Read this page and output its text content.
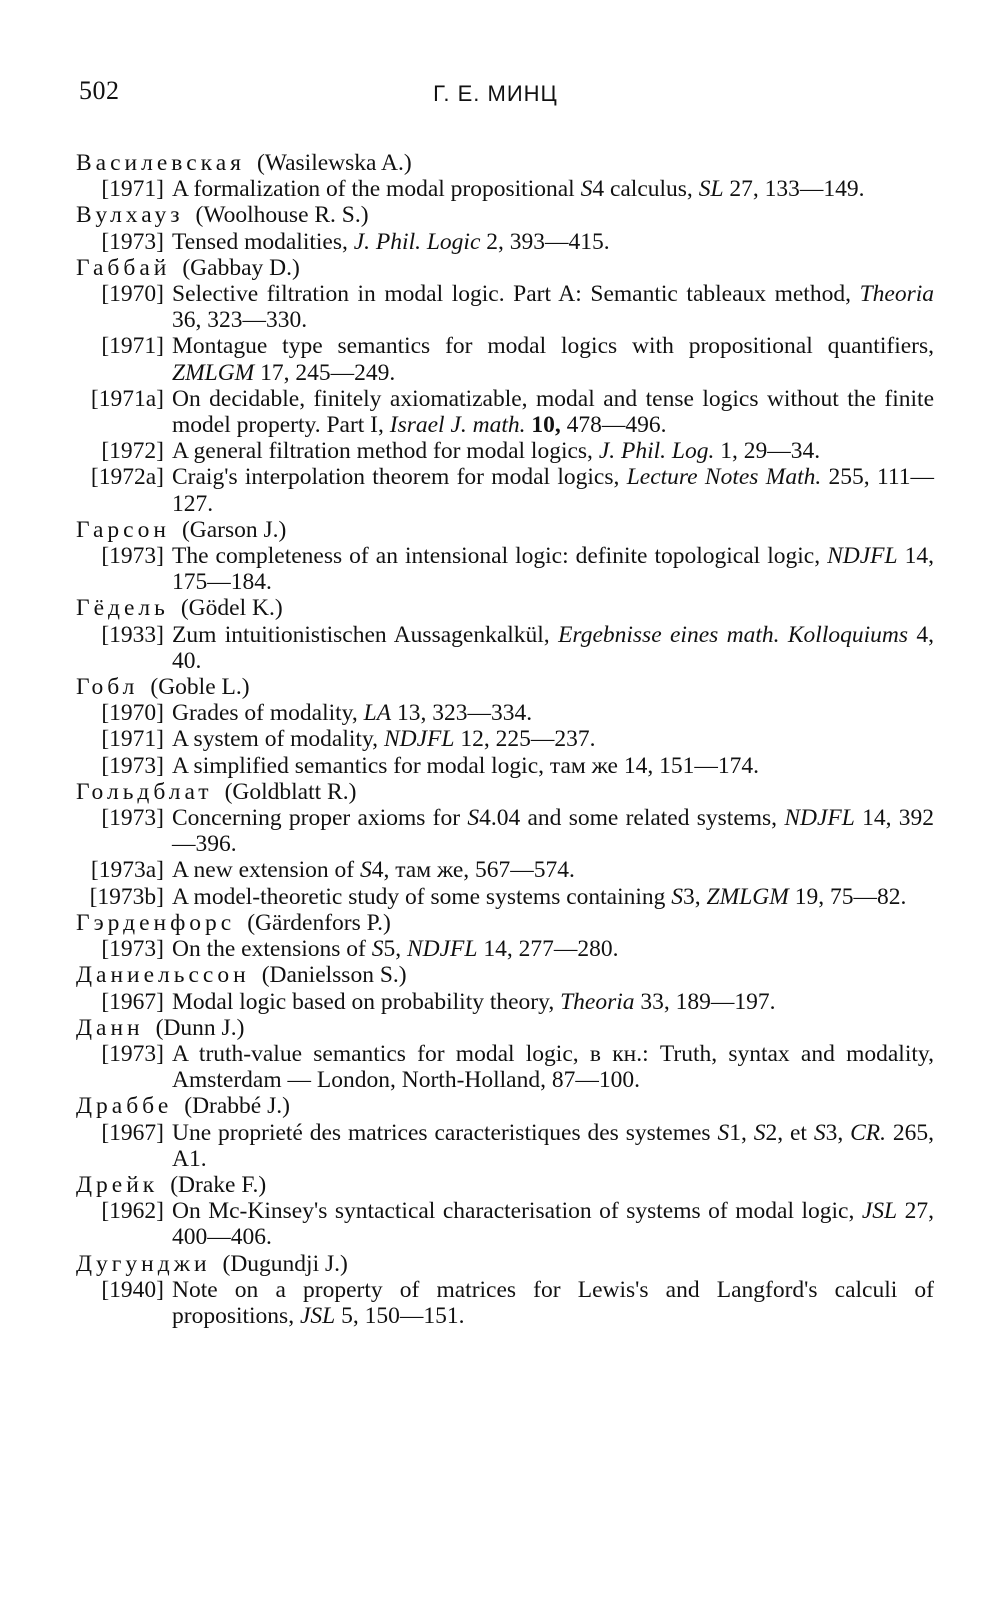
502	Г. Е. МИНЦ
Василевская (Wasilewska A.)
[1971] A formalization of the modal propositional S4 calculus, SL 27, 133—149.
Вулхауз (Woolhouse R. S.)
[1973] Tensed modalities, J. Phil. Logic 2, 393—415.
Габбай (Gabbay D.)
[1970] Selective filtration in modal logic. Part A: Semantic tableaux method, Theoria 36, 323—330.
[1971] Montague type semantics for modal logics with propositional quantifiers, ZMLGM 17, 245—249.
[1971a] On decidable, finitely axiomatizable, modal and tense logics without the finite model property. Part I, Israel J. math. 10, 478—496.
[1972] A general filtration method for modal logics, J. Phil. Log. 1, 29—34.
[1972a] Craig's interpolation theorem for modal logics, Lecture Notes Math. 255, 111—127.
Гарсон (Garson J.)
[1973] The completeness of an intensional logic: definite topological logic, NDJFL 14, 175—184.
Гёдель (Gödel K.)
[1933] Zum intuitionistischen Aussagenkalkül, Ergebnisse eines math. Kolloquiums 4, 40.
Гобл (Goble L.)
[1970] Grades of modality, LA 13, 323—334.
[1971] A system of modality, NDJFL 12, 225—237.
[1973] A simplified semantics for modal logic, там же 14, 151—174.
Гольдблат (Goldblatt R.)
[1973] Concerning proper axioms for S4.04 and some related systems, NDJFL 14, 392—396.
[1973a] A new extension of S4, там же, 567—574.
[1973b] A model-theoretic study of some systems containing S3, ZMLGM 19, 75—82.
Гэрденфорс (Gärdenfors P.)
[1973] On the extensions of S5, NDJFL 14, 277—280.
Даниельссон (Danielsson S.)
[1967] Modal logic based on probability theory, Theoria 33, 189—197.
Данн (Dunn J.)
[1973] A truth-value semantics for modal logic, в кн.: Truth, syntax and modality, Amsterdam — London, North-Holland, 87—100.
Драббе (Drabbé J.)
[1967] Une proprieté des matrices caracteristiques des systemes S1, S2, et S3, CR. 265, A1.
Дрейк (Drake F.)
[1962] On Mc-Kinsey's syntactical characterisation of systems of modal logic, JSL 27, 400—406.
Дугунджи (Dugundji J.)
[1940] Note on a property of matrices for Lewis's and Langford's calculi of propositions, JSL 5, 150—151.
